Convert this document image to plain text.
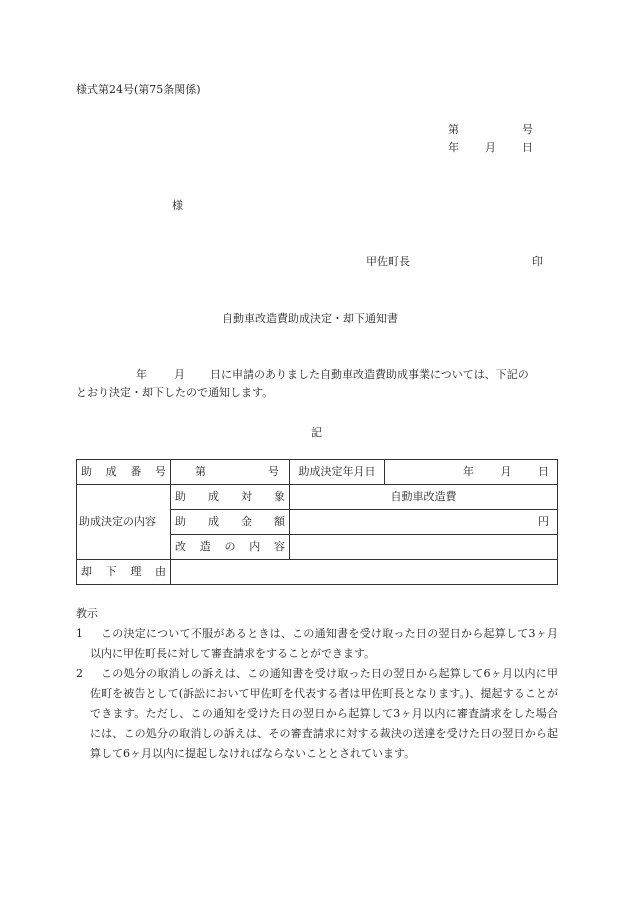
様式第24号(第75条関係)
第	号
年 月 日
様
甲佐町長	印
自動車改造費助成決定・却下通知書
年 月 日に申請のありました自動車改造費助成事業については、下記の
とおり決定・却下したので通知します。
記
助成番号	第 号	助成決定年月日	年 月 日

助成決定の内容	助成対象	自動車改造費	
	助成金額	円	
	改造の内容		
却下理由			
教示
1	この決定について不服があるときは、この通知書を受け取った日の翌日から起算して3ヶ月以内に甲佐町長に対して審査請求をすることができます。
2	この処分の取消しの訴えは、この通知書を受け取った日の翌日から起算して6ヶ月以内に甲佐町を被告として(訴訟において甲佐町を代表する者は甲佐町長となります。)、提起することができます。ただし、この通知を受けた日の翌日から起算して3ヶ月以内に審査請求をした場合には、この処分の取消しの訴えは、その審査請求に対する裁決の送達を受けた日の翌日から起算して6ヶ月以内に提起しなければならないこととされています。
